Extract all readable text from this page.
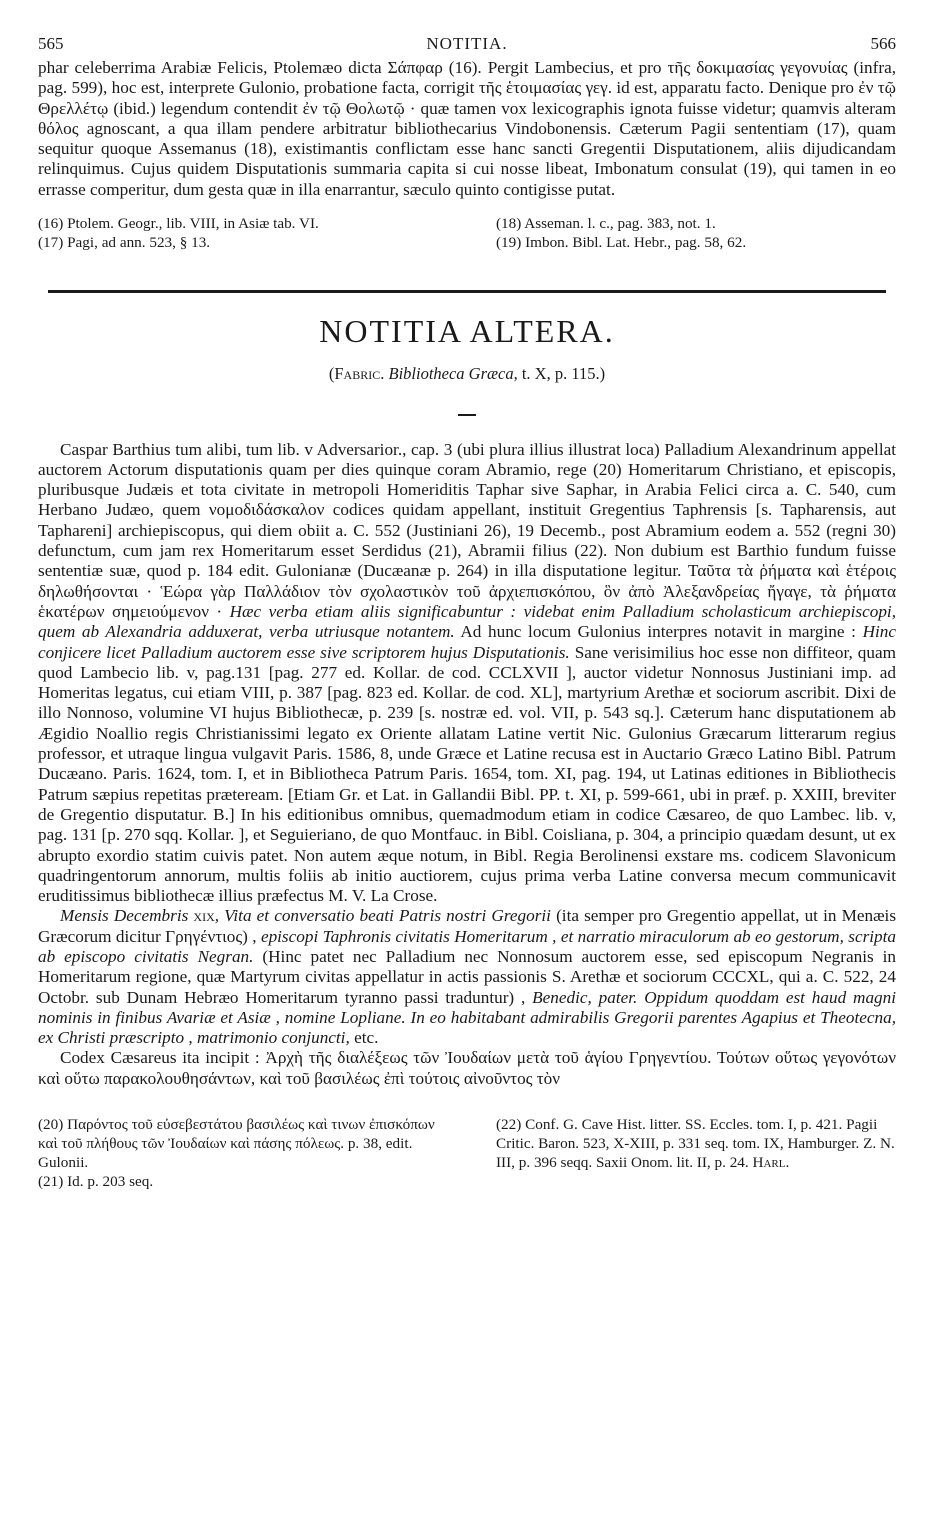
565	NOTITIA.	566

phar celeberrima Arabiæ Felicis, Ptolemæo dicta Σάπφαρ (16). Pergit Lambecius, et pro τῆς δοκιμασίας γεγονυίας (infra, pag. 599), hoc est, interprete Gulonio, probatione facta, corrigit τῆς ἑτοιμασίας γεγ. id est, apparatu facto. Denique pro ἐν τῷ Θρελλέτῳ (ibid.) legendum contendit ἐν τῷ Θολωτῷ · quæ tamen vox lexicographis ignota fuisse videtur; quamvis alteram θόλος agnoscant, a qua illam pendere arbitratur bibliothecarius Vindobonensis. Cæterum Pagii sententiam (17), quam sequitur quoque Assemanus (18), existimantis conflictam esse hanc sancti Gregentii Disputationem, aliis dijudicandam relinquimus. Cujus quidem Disputationis summaria capita si cui nosse libeat, Imbonatum consulat (19), qui tamen in eo errasse comperitur, dum gesta quæ in illa enarrantur, sæculo quinto contigisse putat.

(16) Ptolem. Geogr., lib. VIII, in Asiæ tab. VI.
(17) Pagi, ad ann. 523, § 13.
(18) Asseman. l. c., pag. 383, not. 1.
(19) Imbon. Bibl. Lat. Hebr., pag. 58, 62.
NOTITIA ALTERA.
(Fabric. Bibliotheca Græca, t. X, p. 115.)

Caspar Barthius tum alibi, tum lib. v Adversarior., cap. 3 (ubi plura illius illustrat loca) Palladium Alexandrinum appellat auctorem Actorum disputationis quam per dies quinque coram Abramio, rege (20) Homeritarum Christiano, et episcopis, pluribusque Judæis et tota civitate in metropoli Homeriditis Taphar sive Saphar, in Arabia Felici circa a. C. 540, cum Herbano Judæo, quem νομοδιδάσκαλον codices quidam appellant, instituit Gregentius Taphrensis [s. Tapharensis, aut Taphareni] archiepiscopus, qui diem obiit a. C. 552 (Justiniani 26), 19 Decemb., post Abramium eodem a. 552 (regni 30) defunctum, cum jam rex Homeritarum esset Serdidus (21), Abramii filius (22). Non dubium est Barthio fundum fuisse sententiæ suæ, quod p. 184 edit. Gulonianæ (Ducæanæ p. 264) in illa disputatione legitur. Ταῦτα τὰ ῥήματα καὶ ἑτέροις δηλωθήσονται · Ἑώρα γὰρ Παλλάδιον τὸν σχολαστικὸν τοῦ ἀρχιεπισκόπου, ὃν ἀπὸ Ἀλεξανδρείας ἤγαγε, τὰ ῥήματα ἑκατέρων σημειούμενον · Hæc verba etiam aliis significabuntur : videbat enim Palladium scholasticum archiepiscopi, quem ab Alexandria adduxerat, verba utriusque notantem. Ad hunc locum Gulonius interpres notavit in margine : Hinc conjicere licet Palladium auctorem esse sive scriptorem hujus Disputationis. Sane verisimilius hoc esse non diffiteor, quam quod Lambecio lib. v, pag.131 [pag. 277 ed. Kollar. de cod. CCLXVII ], auctor videtur Nonnosus Justiniani imp. ad Homeritas legatus, cui etiam VIII, p. 387 [pag. 823 ed. Kollar. de cod. XL], martyrium Arethæ et sociorum ascribit. Dixi de illo Nonnoso, volumine VI hujus Bibliothecæ, p. 239 [s. nostræ ed. vol. VII, p. 543 sq.]. Cæterum hanc disputationem ab Ægidio Noallio regis Christianissimi legato ex Oriente allatam Latine vertit Nic. Gulonius Græcarum litterarum regius professor, et utraque lingua vulgavit Paris. 1586, 8, unde Græce et Latine recusa est in Auctario Græco Latino Bibl. Patrum Ducæano. Paris. 1624, tom. I, et in Bibliotheca Patrum Paris. 1654, tom. XI, pag. 194, ut Latinas editiones in Bibliothecis Patrum sæpius repetitas præteream. [Etiam Gr. et Lat. in Gallandii Bibl. PP. t. XI, p. 599-661, ubi in præf. p. XXIII, breviter de Gregentio disputatur. B.] In his editionibus omnibus, quemadmodum etiam in codice Cæsareo, de quo Lambec. lib. v, pag. 131 [p. 270 sqq. Kollar. ], et Seguieriano, de quo Montfauc. in Bibl. Coisliana, p. 304, a principio quædam desunt, ut ex abrupto exordio statim cuivis patet. Non autem æque notum, in Bibl. Regia Berolinensi exstare ms. codicem Slavonicum quadringentorum annorum, multis foliis ab initio auctiorem, cujus prima verba Latine conversa mecum communicavit eruditissimus bibliothecæ illius præfectus M. V. La Crose.

Mensis Decembris xix, Vita et conversatio beati Patris nostri Gregorii (ita semper pro Gregentio appellat, ut in Menæis Græcorum dicitur Γρηγέντιος) , episcopi Taphronis civitatis Homeritarum , et narratio miraculorum ab eo gestorum, scripta ab episcopo civitatis Negran. (Hinc patet nec Palladium nec Nonnosum auctorem esse, sed episcopum Negranis in Homeritarum regione, quæ Martyrum civitas appellatur in actis passionis S. Arethæ et sociorum CCCXL, qui a. C. 522, 24 Octobr. sub Dunam Hebræo Homeritarum tyranno passi traduntur) , Benedic, pater. Oppidum quoddam est haud magni nominis in finibus Avariæ et Asiæ , nomine Lopliane. In eo habitabant admirabilis Gregorii parentes Agapius et Theotecna, ex Christi præscripto , matrimonio conjuncti, etc.

Codex Cæsareus ita incipit : Ἀρχὴ τῆς διαλέξεως τῶν Ἰουδαίων μετὰ τοῦ ἁγίου Γρηγεντίου. Τούτων οὕτως γεγονότων καὶ οὕτω παρακολουθησάντων, καὶ τοῦ βασιλέως ἐπὶ τούτοις αἰνοῦντος τὸν

(20) Παρόντος τοῦ εὐσεβεστάτου βασιλέως καὶ τινων ἐπισκόπων καὶ τοῦ πλήθους τῶν Ἰουδαίων καὶ πάσης πόλεως. p. 38, edit. Gulonii.
(21) Id. p. 203 seq.
(22) Conf. G. Cave Hist. litter. SS. Eccles. tom. I, p. 421. Pagii Critic. Baron. 523, X-XIII, p. 331 seq. tom. IX, Hamburger. Z. N. III, p. 396 seqq. Saxii Onom. lit. II, p. 24. Harl.
